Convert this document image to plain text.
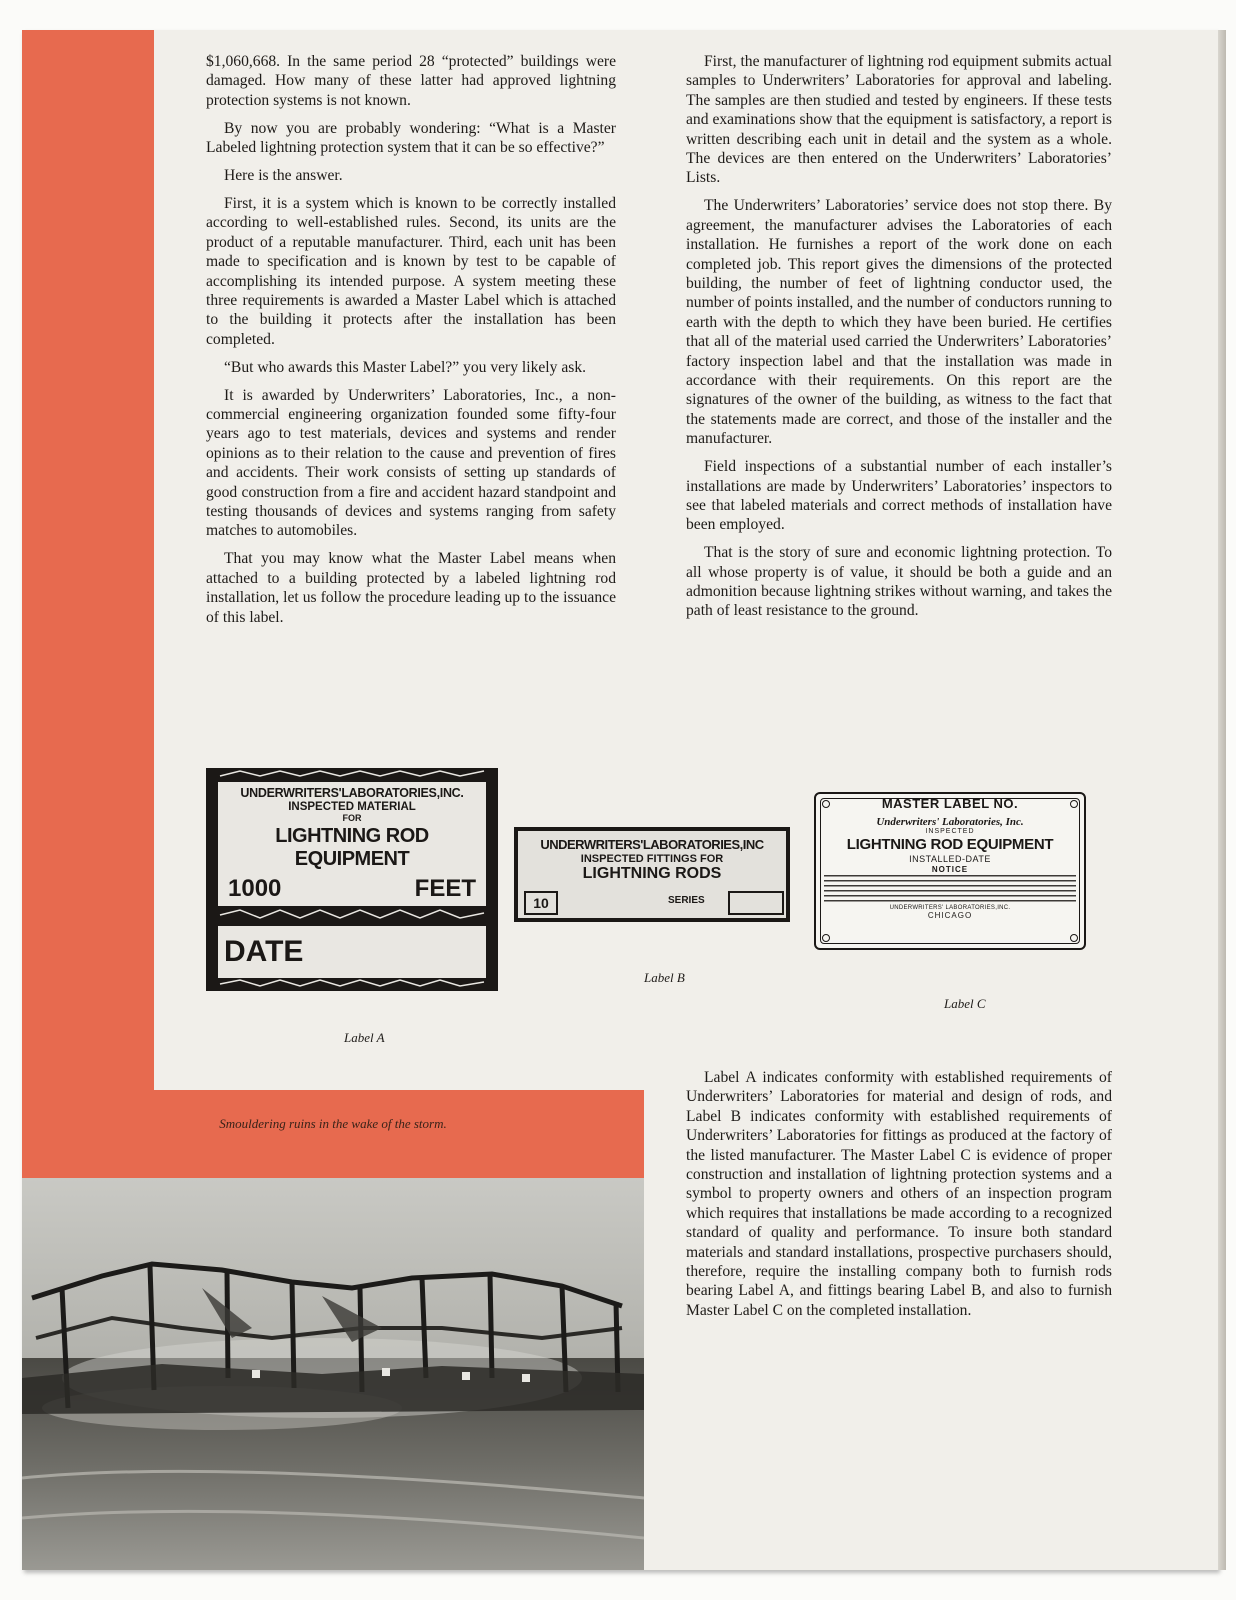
Smouldering ruins in the wake of the storm.

$1,060,668. In the same period 28 “protected” buildings were damaged. How many of these latter had approved lightning protection systems is not known.

By now you are probably wondering: “What is a Master Labeled lightning protection system that it can be so effective?”

Here is the answer.

First, it is a system which is known to be correctly installed according to well-established rules. Second, its units are the product of a reputable manufacturer. Third, each unit has been made to specification and is known by test to be capable of accomplishing its intended purpose. A system meeting these three requirements is awarded a Master Label which is attached to the building it protects after the installation has been completed.

“But who awards this Master Label?” you very likely ask.

It is awarded by Underwriters’ Laboratories, Inc., a non-commercial engineering organization founded some fifty-four years ago to test materials, devices and systems and render opinions as to their relation to the cause and prevention of fires and accidents. Their work consists of setting up standards of good construction from a fire and accident hazard standpoint and testing thousands of devices and systems ranging from safety matches to automobiles.

That you may know what the Master Label means when attached to a building protected by a labeled lightning rod installation, let us follow the procedure leading up to the issuance of this label.

First, the manufacturer of lightning rod equipment submits actual samples to Underwriters’ Laboratories for approval and labeling. The samples are then studied and tested by engineers. If these tests and examinations show that the equipment is satisfactory, a report is written describing each unit in detail and the system as a whole. The devices are then entered on the Underwriters’ Laboratories’ Lists.

The Underwriters’ Laboratories’ service does not stop there. By agreement, the manufacturer advises the Laboratories of each installation. He furnishes a report of the work done on each completed job. This report gives the dimensions of the protected building, the number of feet of lightning conductor used, the number of points installed, and the number of conductors running to earth with the depth to which they have been buried. He certifies that all of the material used carried the Underwriters’ Laboratories’ factory inspection label and that the installation was made in accordance with their requirements. On this report are the signatures of the owner of the building, as witness to the fact that the statements made are correct, and those of the installer and the manufacturer.

Field inspections of a substantial number of each installer’s installations are made by Underwriters’ Laboratories’ inspectors to see that labeled materials and correct methods of installation have been employed.

That is the story of sure and economic lightning protection. To all whose property is of value, it should be both a guide and an admonition because lightning strikes without warning, and takes the path of least resistance to the ground.

Label A indicates conformity with established requirements of Underwriters’ Laboratories for material and design of rods, and Label B indicates conformity with established requirements of Underwriters’ Laboratories for fittings as produced at the factory of the listed manufacturer. The Master Label C is evidence of proper construction and installation of lightning protection systems and a symbol to property owners and others of an inspection program which requires that installations be made according to a recognized standard of quality and performance. To insure both standard materials and standard installations, prospective purchasers should, therefore, require the installing company both to furnish rods bearing Label A, and fittings bearing Label B, and also to furnish Master Label C on the completed installation.

UNDERWRITERS'LABORATORIES,INC.
INSPECTED MATERIAL
FOR
LIGHTNING ROD EQUIPMENT
1000	FEET
DATE
Label A
UNDERWRITERS'LABORATORIES,INC
INSPECTED FITTINGS FOR
LIGHTNING RODS
10	SERIES
Label B
MASTER LABEL NO.
Underwriters' Laboratories, Inc.
INSPECTED
LIGHTNING ROD EQUIPMENT
INSTALLED-DATE
NOTICE
UNDERWRITERS' LABORATORIES,INC.
CHICAGO
Label C
